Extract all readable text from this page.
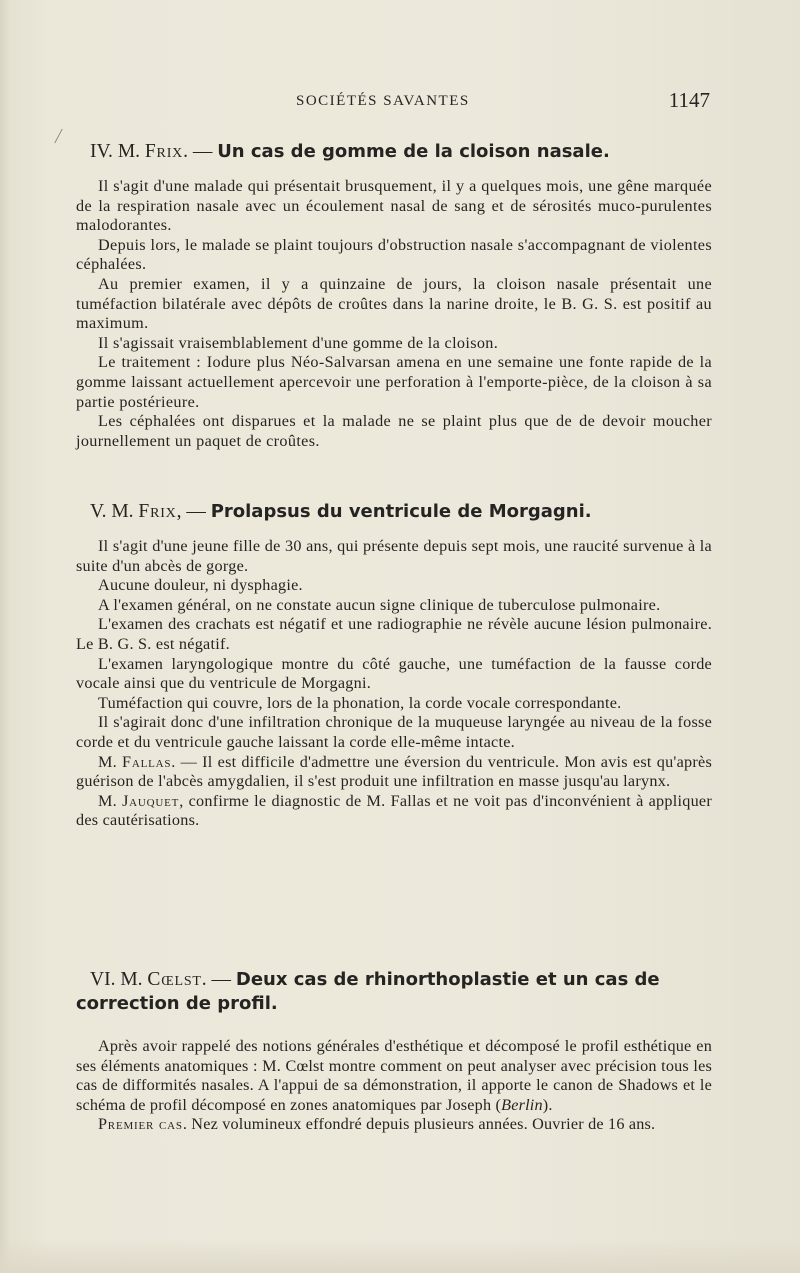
SOCIÉTÉS SAVANTES	1147
IV. M. Frix. — Un cas de gomme de la cloison nasale.

Il s'agit d'une malade qui présentait brusquement, il y a quelques mois, une gêne marquée de la respiration nasale avec un écoulement nasal de sang et de sérosités muco-purulentes malodorantes.

Depuis lors, le malade se plaint toujours d'obstruction nasale s'accompagnant de violentes céphalées.

Au premier examen, il y a quinzaine de jours, la cloison nasale présentait une tuméfaction bilatérale avec dépôts de croûtes dans la narine droite, le B. G. S. est positif au maximum.

Il s'agissait vraisemblablement d'une gomme de la cloison.

Le traitement : Iodure plus Néo-Salvarsan amena en une semaine une fonte rapide de la gomme laissant actuellement apercevoir une perforation à l'emporte-pièce, de la cloison à sa partie postérieure.

Les céphalées ont disparues et la malade ne se plaint plus que de de devoir moucher journellement un paquet de croûtes.

V. M. Frix, — Prolapsus du ventricule de Morgagni.

Il s'agit d'une jeune fille de 30 ans, qui présente depuis sept mois, une raucité survenue à la suite d'un abcès de gorge.

Aucune douleur, ni dysphagie.

A l'examen général, on ne constate aucun signe clinique de tuberculose pulmonaire.

L'examen des crachats est négatif et une radiographie ne révèle aucune lésion pulmonaire. Le B. G. S. est négatif.

L'examen laryngologique montre du côté gauche, une tuméfaction de la fausse corde vocale ainsi que du ventricule de Morgagni.

Tuméfaction qui couvre, lors de la phonation, la corde vocale correspondante.

Il s'agirait donc d'une infiltration chronique de la muqueuse laryngée au niveau de la fosse corde et du ventricule gauche laissant la corde elle-même intacte.

M. Fallas. — Il est difficile d'admettre une éversion du ventricule. Mon avis est qu'après guérison de l'abcès amygdalien, il s'est produit une infiltration en masse jusqu'au larynx.

M. Jauquet, confirme le diagnostic de M. Fallas et ne voit pas d'inconvénient à appliquer des cautérisations.

VI. M. Cœlst. — Deux cas de rhinorthoplastie et un cas de correction de profil.

Après avoir rappelé des notions générales d'esthétique et décomposé le profil esthétique en ses éléments anatomiques : M. Cœlst montre comment on peut analyser avec précision tous les cas de difformités nasales. A l'appui de sa démonstration, il apporte le canon de Shadows et le schéma de profil décomposé en zones anatomiques par Joseph (Berlin).

Premier cas. Nez volumineux effondré depuis plusieurs années. Ouvrier de 16 ans.
